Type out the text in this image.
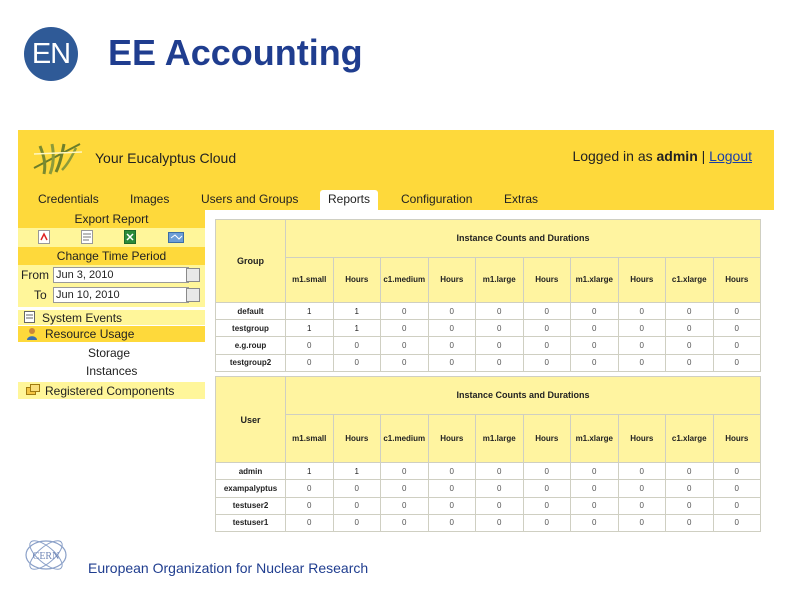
EN EE Accounting
Your Eucalyptus Cloud	Logged in as admin | Logout
Credentials	Images	Users and Groups	Reports	Configuration	Extras
Export Report
Change Time Period
From Jun 3, 2010
To Jun 10, 2010
System Events
Resource Usage
Storage
Instances
Registered Components
Group	Instance Counts and Durations									
	m1.small	Hours	c1.medium	Hours	m1.large	Hours	m1.xlarge	Hours	c1.xlarge	Hours
default	1	1	0	0	0	0	0	0	0	0
testgroup	1	1	0	0	0	0	0	0	0	0
e.g.roup	0	0	0	0	0	0	0	0	0	0
testgroup2	0	0	0	0	0	0	0	0	0	0
User	Instance Counts and Durations									
	m1.small	Hours	c1.medium	Hours	m1.large	Hours	m1.xlarge	Hours	c1.xlarge	Hours
admin	1	1	0	0	0	0	0	0	0	0
exampalyptus	0	0	0	0	0	0	0	0	0	0
testuser2	0	0	0	0	0	0	0	0	0	0
testuser1	0	0	0	0	0	0	0	0	0	0
CERN
European Organization for Nuclear Research
